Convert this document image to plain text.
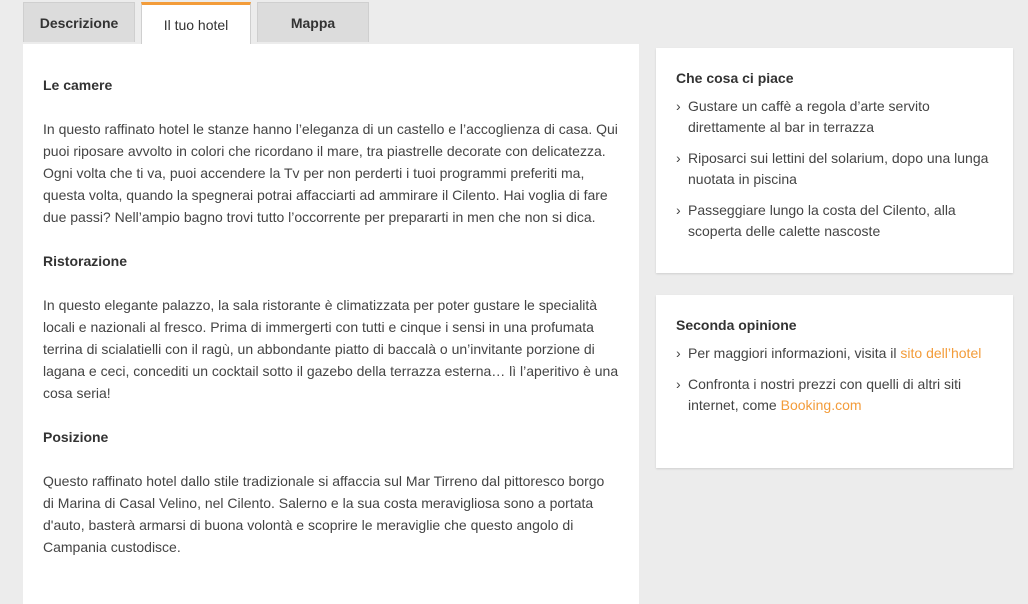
Descrizione	Il tuo hotel	Mappa
Le camere

In questo raffinato hotel le stanze hanno l’eleganza di un castello e l’accoglienza di casa. Qui puoi riposare avvolto in colori che ricordano il mare, tra piastrelle decorate con delicatezza. Ogni volta che ti va, puoi accendere la Tv per non perderti i tuoi programmi preferiti ma, questa volta, quando la spegnerai potrai affacciarti ad ammirare il Cilento. Hai voglia di fare due passi? Nell’ampio bagno trovi tutto l’occorrente per prepararti in men che non si dica.

Ristorazione

In questo elegante palazzo, la sala ristorante è climatizzata per poter gustare le specialità locali e nazionali al fresco. Prima di immergerti con tutti e cinque i sensi in una profumata terrina di scialatielli con il ragù, un abbondante piatto di baccalà o un’invitante porzione di lagana e ceci, concediti un cocktail sotto il gazebo della terrazza esterna… lì l’aperitivo è una cosa seria!

Posizione

Questo raffinato hotel dallo stile tradizionale si affaccia sul Mar Tirreno dal pittoresco borgo di Marina di Casal Velino, nel Cilento. Salerno e la sua costa meravigliosa sono a portata d'auto, basterà armarsi di buona volontà e scoprire le meraviglie che questo angolo di Campania custodisce.

Che cosa ci piace
› Gustare un caffè a regola d’arte servito direttamente al bar in terrazza
› Riposarci sui lettini del solarium, dopo una lunga nuotata in piscina
› Passeggiare lungo la costa del Cilento, alla scoperta delle calette nascoste
Seconda opinione
› Per maggiori informazioni, visita il sito dell’hotel
› Confronta i nostri prezzi con quelli di altri siti internet, come Booking.com
